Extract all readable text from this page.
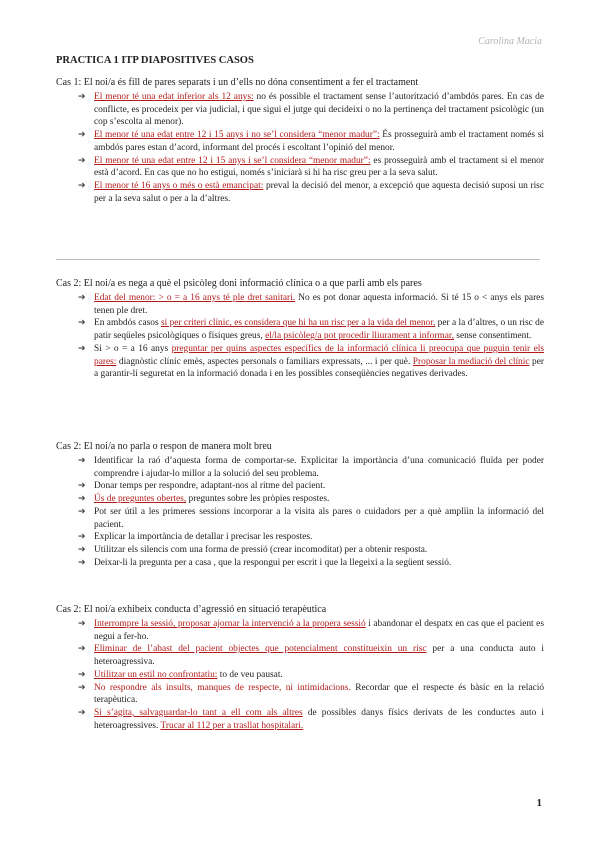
Carolina Macia
PRACTICA 1 ITP DIAPOSITIVES CASOS
Cas 1: El noi/a és fill de pares separats i un d’ells no dóna consentiment a fer el tractament
➔ El menor té una edat inferior als 12 anys: no és possible el tractament sense l’autorització d’ambdós pares. En cas de conflicte, es procedeix per via judicial, i que sigui el jutge qui decideixi o no la pertinença del tractament psicològic (un cop s’escolta al menor).
➔ El menor té una edat entre 12 i 15 anys i no se’l considera “menor madur”: És prosseguirà amb el tractament només si ambdós pares estan d’acord, informant del procés i escoltant l’opinió del menor.
➔ El menor té una edat entre 12 i 15 anys i se’l considera “menor madur”: es prosseguirà amb el tractament si el menor està d’acord. En cas que no ho estigui, només s’iniciarà si hi ha risc greu per a la seva salut.
➔ El menor té 16 anys o més o està emancipat: preval la decisió del menor, a excepció que aquesta decisió suposi un risc per a la seva salut o per a la d’altres.
Cas 2: El noi/a es nega a què el psicòleg doni informació clínica o a que parli amb els pares
➔ Edat del menor: > o = a 16 anys té ple dret sanitari. No es pot donar aquesta informació. Si té 15 o < anys els pares tenen ple dret.
➔ En ambdós casos si per criteri clínic, es considera que hi ha un risc per a la vida del menor, per a la d’altres, o un risc de patir seqüeles psicològiques o físiques greus, el/la psicòleg/a pot procedir lliurament a informar, sense consentiment.
➔ Si > o = a 16 anys preguntar per quins aspectes específics de la informació clínica li preocupa que puguin tenir els pares: diagnòstic clínic emès, aspectes personals o familiars expressats, ... i per què. Proposar la mediació del clínic per a garantir-li seguretat en la informació donada i en les possibles conseqüències negatives derivades.
Cas 2: El noi/a no parla o respon de manera molt breu
➔ Identificar la raó d’aquesta forma de comportar-se. Explicitar la importància d’una comunicació fluïda per poder comprendre i ajudar-lo millor a la solució del seu problema.
➔ Donar temps per respondre, adaptant-nos al ritme del pacient.
➔ Ús de preguntes obertes, preguntes sobre les pròpies respostes.
➔ Pot ser útil a les primeres sessions incorporar a la visita als pares o cuidadors per a què amplïin la informació del pacient.
➔ Explicar la importància de detallar i precisar les respostes.
➔ Utilitzar els silencis com una forma de pressió (crear incomoditat) per a obtenir resposta.
➔ Deixar-li la pregunta per a casa , que la respongui per escrit i que la llegeixi a la següent sessió.
Cas 2: El noi/a exhibeix conducta d’agressió en situació terapèutica
➔ Interrompre la sessió, proposar ajornar la intervenció a la propera sessió i abandonar el despatx en cas que el pacient es negui a fer-ho.
➔ Eliminar de l’abast del pacient objectes que potencialment constitueixin un risc per a una conducta auto i heteroagressiva.
➔ Utilitzar un estil no confrontatiu: to de veu pausat.
➔ No respondre als insults, manques de respecte, ni intimidacions. Recordar que el respecte és bàsic en la relació terapèutica.
➔ Si s’agita, salvaguardar-lo tant a ell com als altres de possibles danys físics derivats de les conductes auto i heteroagressives. Trucar al 112 per a trasllat hospitalari.
1
